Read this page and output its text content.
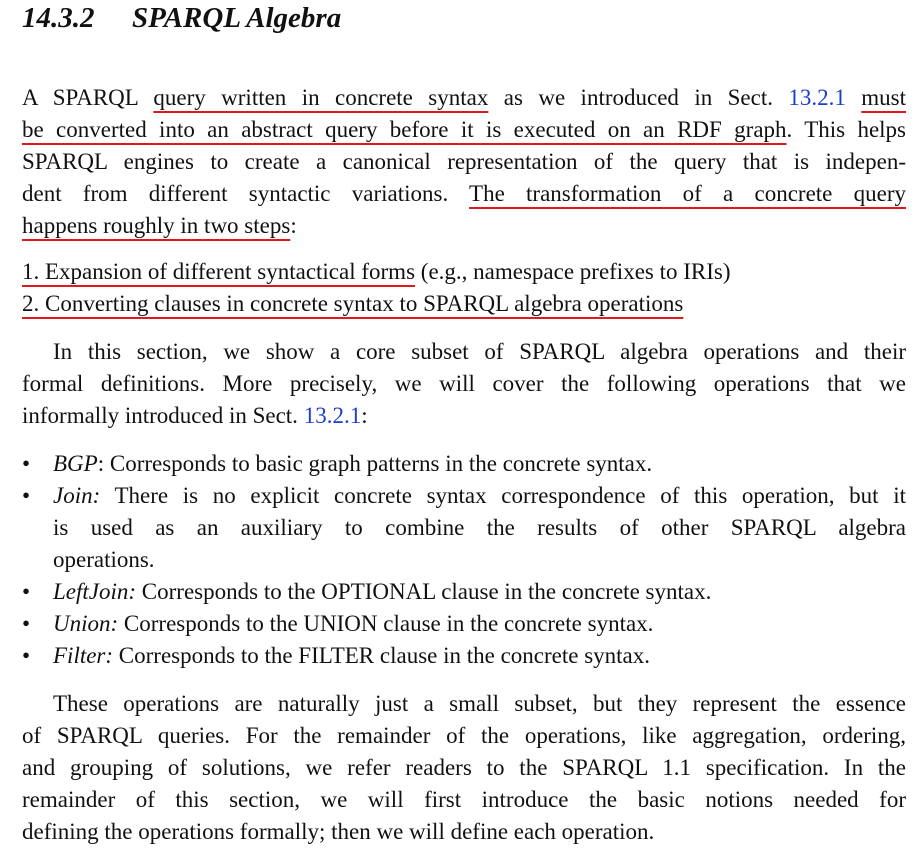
14.3.2 SPARQL Algebra
A SPARQL query written in concrete syntax as we introduced in Sect. 13.2.1 must
be converted into an abstract query before it is executed on an RDF graph. This helps
SPARQL engines to create a canonical representation of the query that is indepen-
dent from different syntactic variations. The transformation of a concrete query
happens roughly in two steps:
1. Expansion of different syntactical forms (e.g., namespace prefixes to IRIs)
2. Converting clauses in concrete syntax to SPARQL algebra operations
In this section, we show a core subset of SPARQL algebra operations and their
formal definitions. More precisely, we will cover the following operations that we
informally introduced in Sect. 13.2.1:
• BGP: Corresponds to basic graph patterns in the concrete syntax.
• Join: There is no explicit concrete syntax correspondence of this operation, but it
is used as an auxiliary to combine the results of other SPARQL algebra
operations.
• LeftJoin: Corresponds to the OPTIONAL clause in the concrete syntax.
• Union: Corresponds to the UNION clause in the concrete syntax.
• Filter: Corresponds to the FILTER clause in the concrete syntax.
These operations are naturally just a small subset, but they represent the essence
of SPARQL queries. For the remainder of the operations, like aggregation, ordering,
and grouping of solutions, we refer readers to the SPARQL 1.1 specification. In the
remainder of this section, we will first introduce the basic notions needed for
defining the operations formally; then we will define each operation.
